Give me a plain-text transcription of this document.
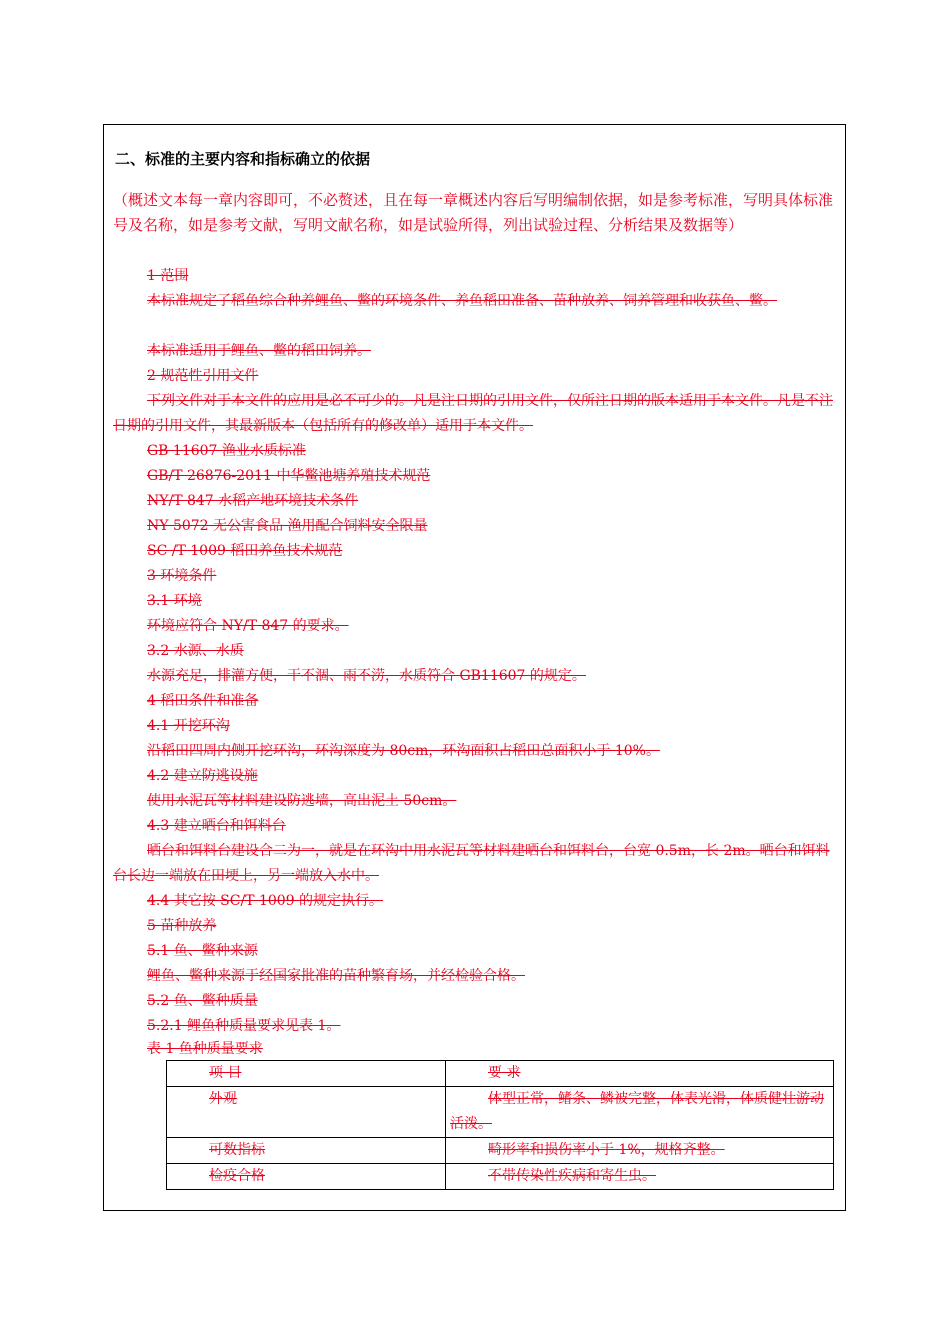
二、标准的主要内容和指标确立的依据
（概述文本每一章内容即可，不必赘述，且在每一章概述内容后写明编制依据，如是参考标准，写明具体标准号及名称，如是参考文献，写明文献名称，如是试验所得，列出试验过程、分析结果及数据等）
1 范围
本标准规定了稻鱼综合种养鲤鱼、鳖的环境条件、养鱼稻田准备、苗种放养、饲养管理和收获鱼、鳖。
本标准适用于鲤鱼、鳖的稻田饲养。
2 规范性引用文件
下列文件对于本文件的应用是必不可少的。凡是注日期的引用文件，仅所注日期的版本适用于本文件。凡是不注日期的引用文件，其最新版本（包括所有的修改单）适用于本文件。
GB 11607 渔业水质标准
GB/T 26876-2011 中华鳖池塘养殖技术规范
NY/T 847 水稻产地环境技术条件
NY 5072 无公害食品 渔用配合饲料安全限量
SC /T 1009 稻田养鱼技术规范
3 环境条件
3.1 环境
环境应符合 NY/T 847 的要求。
3.2 水源、水质
水源充足，排灌方便，干不涸、雨不涝，水质符合 GB11607 的规定。
4 稻田条件和准备
4.1 开挖环沟
沿稻田四周内侧开挖环沟，环沟深度为 80cm，环沟面积占稻田总面积小于 10%。
4.2 建立防逃设施
使用水泥瓦等材料建设防逃墙，高出泥土 50cm。
4.3 建立晒台和饵料台
晒台和饵料台建设合二为一，就是在环沟中用水泥瓦等材料建晒台和饵料台，台宽 0.5m，长 2m。晒台和饵料台长边一端放在田埂上，另一端放入水中。
4.4 其它按 SC/T 1009 的规定执行。
5 苗种放养
5.1 鱼、鳖种来源
鲤鱼、鳖种来源于经国家批准的苗种繁育场，并经检验合格。
5.2 鱼、鳖种质量
5.2.1 鲤鱼种质量要求见表 1。
表 1 鱼种质量要求
项 目	要 求
外观	体型正常，鳍条、鳞被完整，体表光滑，体质健壮游动活泼。

可数指标	畸形率和损伤率小于 1%，规格齐整。

检疫合格	不带传染性疾病和寄生虫。
